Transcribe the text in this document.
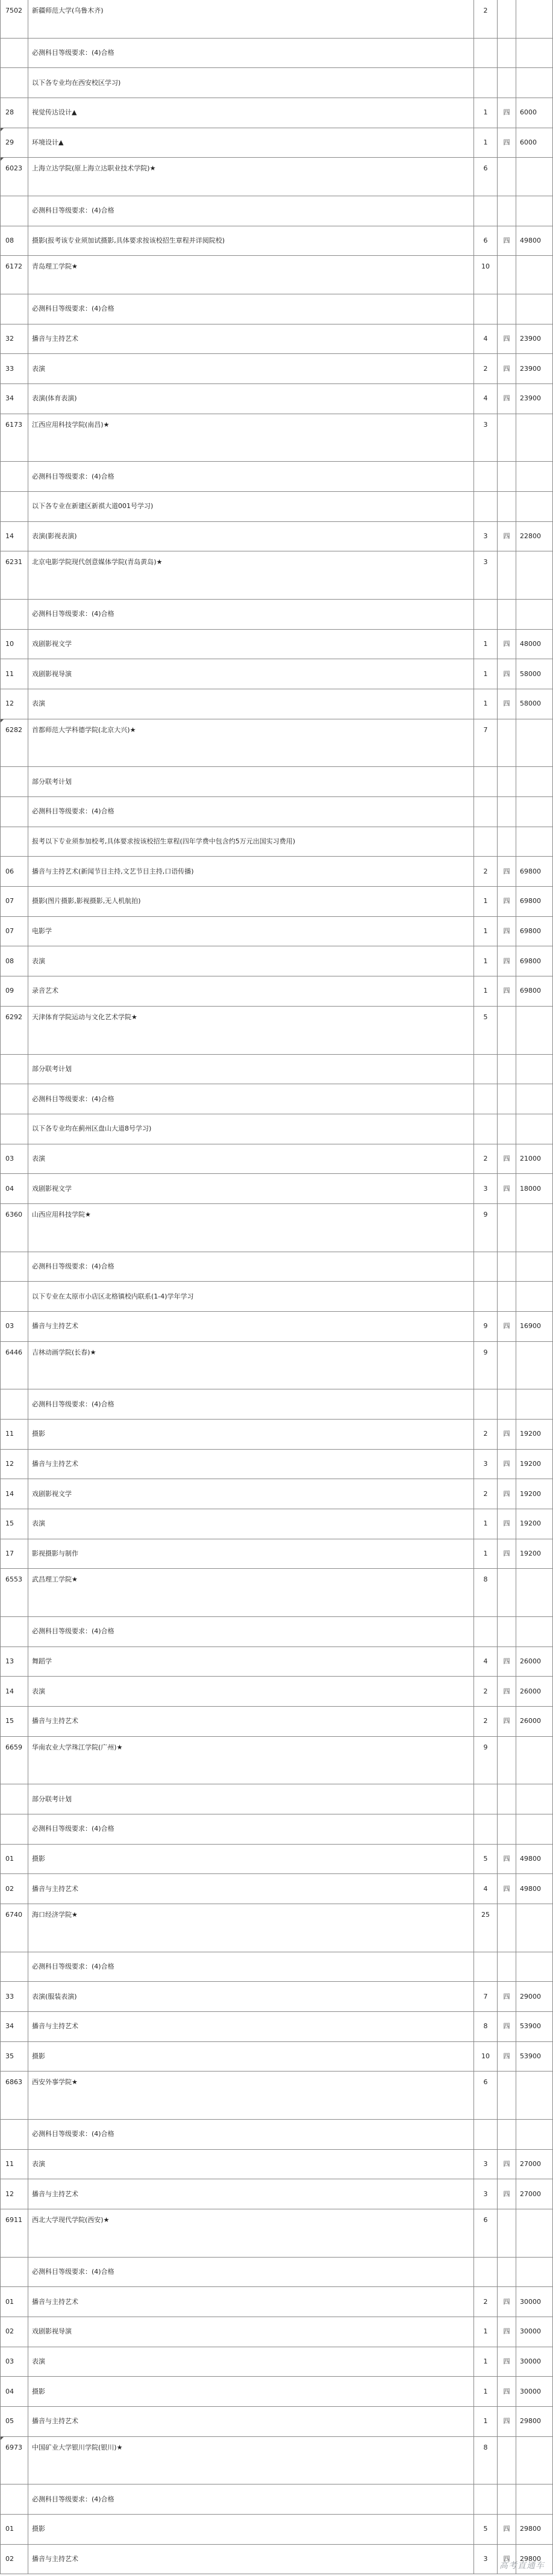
7502 新疆师范大学(乌鲁木齐)	2
必测科目等级要求：(4)合格
以下各专业均在西安校区学习)
28	视觉传达设计▲	1	四	6000
29	环境设计▲	1	四	6000
6023 上海立达学院(原上海立达职业技术学院)★	6
必测科目等级要求：(4)合格
08	摄影(报考该专业须加试摄影,具体要求按该校招生章程并详阅院校)	6	四	49800
6172 青岛理工学院★	10
必测科目等级要求：(4)合格
32	播音与主持艺术	4	四	23900
33	表演	2	四	23900
34	表演(体育表演)	4	四	23900
6173 江西应用科技学院(南昌)★	3
必测科目等级要求：(4)合格
以下各专业在新建区新祺大道001号学习)
14	表演(影视表演)	3	四	22800
6231 北京电影学院现代创意媒体学院(青岛黄岛)★	3
必测科目等级要求：(4)合格
10	戏剧影视文学	1	四	48000
11	戏剧影视导演	1	四	58000
12	表演	1	四	58000
6282 首都师范大学科德学院(北京大兴)★	7
部分联考计划
必测科目等级要求：(4)合格
报考以下专业须参加校考,具体要求按该校招生章程(四年学费中包含约5万元出国实习费用)
06	播音与主持艺术(新闻节目主持,文艺节目主持,口语传播)	2	四	69800
07	摄影(图片摄影,影视摄影,无人机航拍)	1	四	69800
07	电影学	1	四	69800
08	表演	1	四	69800
09	录音艺术	1	四	69800
6292 天津体育学院运动与文化艺术学院★	5
部分联考计划
必测科目等级要求：(4)合格
以下各专业均在蓟州区盘山大道8号学习)
03	表演	2	四	21000
04	戏剧影视文学	3	四	18000
6360 山西应用科技学院★	9
必测科目等级要求：(4)合格
以下专业在太原市小店区北格镇校内联系(1-4)学年学习
03	播音与主持艺术	9	四	16900
6446 吉林动画学院(长春)★	9
必测科目等级要求：(4)合格
11	摄影	2	四	19200
12	播音与主持艺术	3	四	19200
14	戏剧影视文学	2	四	19200
15	表演	1	四	19200
17	影视摄影与制作	1	四	19200
6553 武昌理工学院★	8
必测科目等级要求：(4)合格
13	舞蹈学	4	四	26000
14	表演	2	四	26000
15	播音与主持艺术	2	四	26000
6659 华南农业大学珠江学院(广州)★	9
部分联考计划
必测科目等级要求：(4)合格
01	摄影	5	四	49800
02	播音与主持艺术	4	四	49800
6740 海口经济学院★	25
必测科目等级要求：(4)合格
33	表演(服装表演)	7	四	29000
34	播音与主持艺术	8	四	53900
35	摄影	10	四	53900
6863 西安外事学院★	6
必测科目等级要求：(4)合格
11	表演	3	四	27000
12	播音与主持艺术	3	四	27000
6911 西北大学现代学院(西安)★	6
必测科目等级要求：(4)合格
01	播音与主持艺术	2	四	30000
02	戏剧影视导演	1	四	30000
03	表演	1	四	30000
04	摄影	1	四	30000
05	播音与主持艺术	1	四	29800
6973 中国矿业大学银川学院(银川)★	8
必测科目等级要求：(4)合格
01	摄影	5	四	29800
02	播音与主持艺术	3	四	29800
高考直通车
